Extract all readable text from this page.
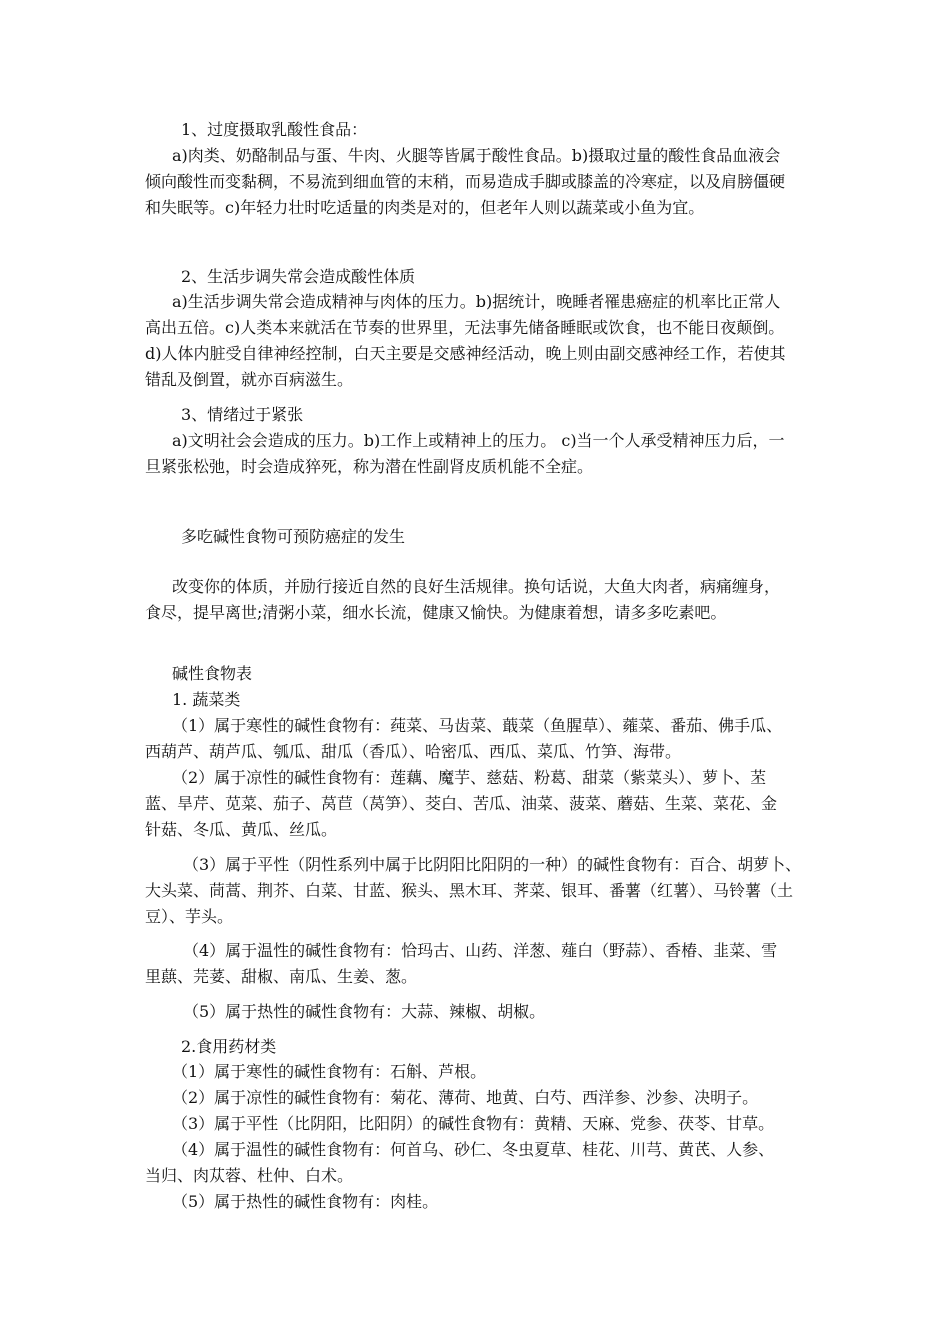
1、过度摄取乳酸性食品：
a)肉类、奶酪制品与蛋、牛肉、火腿等皆属于酸性食品。b)摄取过量的酸性食品血液会
倾向酸性而变黏稠，不易流到细血管的末稍，而易造成手脚或膝盖的冷寒症，以及肩膀僵硬
和失眠等。c)年轻力壮时吃适量的肉类是对的，但老年人则以蔬菜或小鱼为宜。
2、生活步调失常会造成酸性体质
a)生活步调失常会造成精神与肉体的压力。b)据统计，晚睡者罹患癌症的机率比正常人
高出五倍。c)人类本来就活在节奏的世界里，无法事先储备睡眠或饮食，也不能日夜颠倒。
d)人体内脏受自律神经控制，白天主要是交感神经活动，晚上则由副交感神经工作，若使其
错乱及倒置，就亦百病滋生。
3、情绪过于紧张
a)文明社会会造成的压力。b)工作上或精神上的压力。 c)当一个人承受精神压力后，一
旦紧张松弛，时会造成猝死，称为潜在性副肾皮质机能不全症。
多吃碱性食物可预防癌症的发生
改变你的体质，并励行接近自然的良好生活规律。换句话说，大鱼大肉者，病痛缠身，
食尽，提早离世;清粥小菜，细水长流，健康又愉快。为健康着想，请多多吃素吧。
碱性食物表
1. 蔬菜类
（1）属于寒性的碱性食物有：莼菜、马齿菜、蕺菜（鱼腥草）、蕹菜、番茄、佛手瓜、
西葫芦、葫芦瓜、瓠瓜、甜瓜（香瓜）、哈密瓜、西瓜、菜瓜、竹笋、海带。
（2）属于凉性的碱性食物有：莲藕、魔芋、慈菇、粉葛、甜菜（紫菜头）、萝卜、苤
蓝、旱芹、苋菜、茄子、莴苣（莴笋）、茭白、苦瓜、油菜、菠菜、蘑菇、生菜、菜花、金
针菇、冬瓜、黄瓜、丝瓜。
（3）属于平性（阴性系列中属于比阴阳比阳阴的一种）的碱性食物有：百合、胡萝卜、
大头菜、茼蒿、荆芥、白菜、甘蓝、猴头、黑木耳、荠菜、银耳、番薯（红薯）、马铃薯（土
豆）、芋头。
（4）属于温性的碱性食物有：恰玛古、山药、洋葱、薤白（野蒜）、香椿、韭菜、雪
里蕻、芫荽、甜椒、南瓜、生姜、葱。
（5）属于热性的碱性食物有：大蒜、辣椒、胡椒。
2.食用药材类
（1）属于寒性的碱性食物有：石斛、芦根。
（2）属于凉性的碱性食物有：菊花、薄荷、地黄、白芍、西洋参、沙参、决明子。
（3）属于平性（比阴阳，比阳阴）的碱性食物有：黄精、天麻、党参、茯苓、甘草。
（4）属于温性的碱性食物有：何首乌、砂仁、冬虫夏草、桂花、川芎、黄芪、人参、
当归、肉苁蓉、杜仲、白术。
（5）属于热性的碱性食物有：肉桂。
